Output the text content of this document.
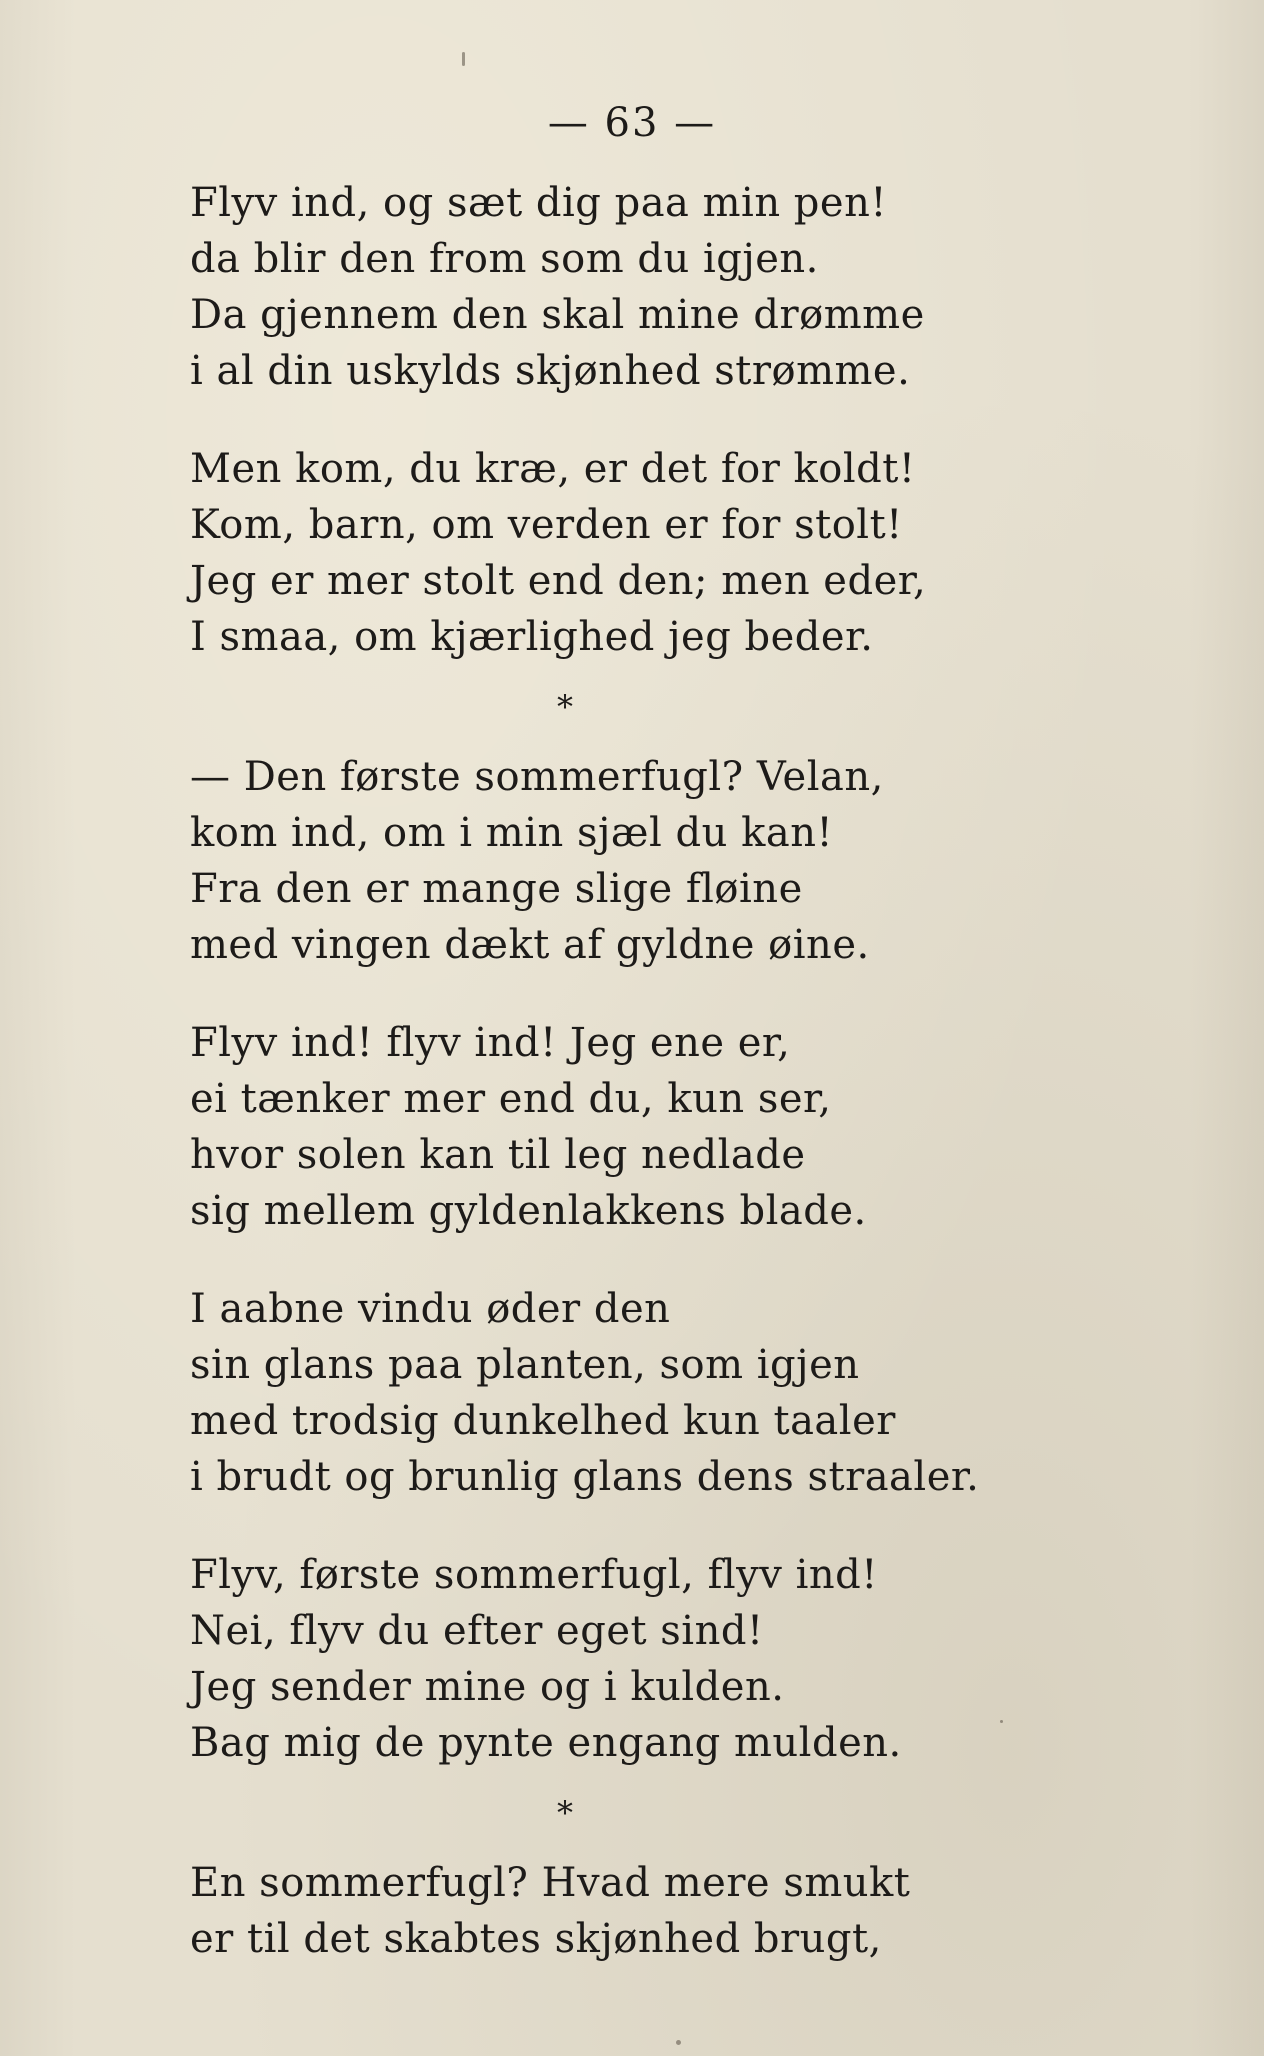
— 63 —
Flyv ind, og sæt dig paa min pen!
da blir den from som du igjen.
Da gjennem den skal mine drømme
i al din uskylds skjønhed strømme.
Men kom, du kræ, er det for koldt!
Kom, barn, om verden er for stolt!
Jeg er mer stolt end den; men eder,
I smaa, om kjærlighed jeg beder.
*
— Den første sommerfugl? Velan,
kom ind, om i min sjæl du kan!
Fra den er mange slige fløine
med vingen dækt af gyldne øine.
Flyv ind! flyv ind! Jeg ene er,
ei tænker mer end du, kun ser,
hvor solen kan til leg nedlade
sig mellem gyldenlakkens blade.
I aabne vindu øder den
sin glans paa planten, som igjen
med trodsig dunkelhed kun taaler
i brudt og brunlig glans dens straaler.
Flyv, første sommerfugl, flyv ind!
Nei, flyv du efter eget sind!
Jeg sender mine og i kulden.
Bag mig de pynte engang mulden.
*
En sommerfugl? Hvad mere smukt
er til det skabtes skjønhed brugt,
